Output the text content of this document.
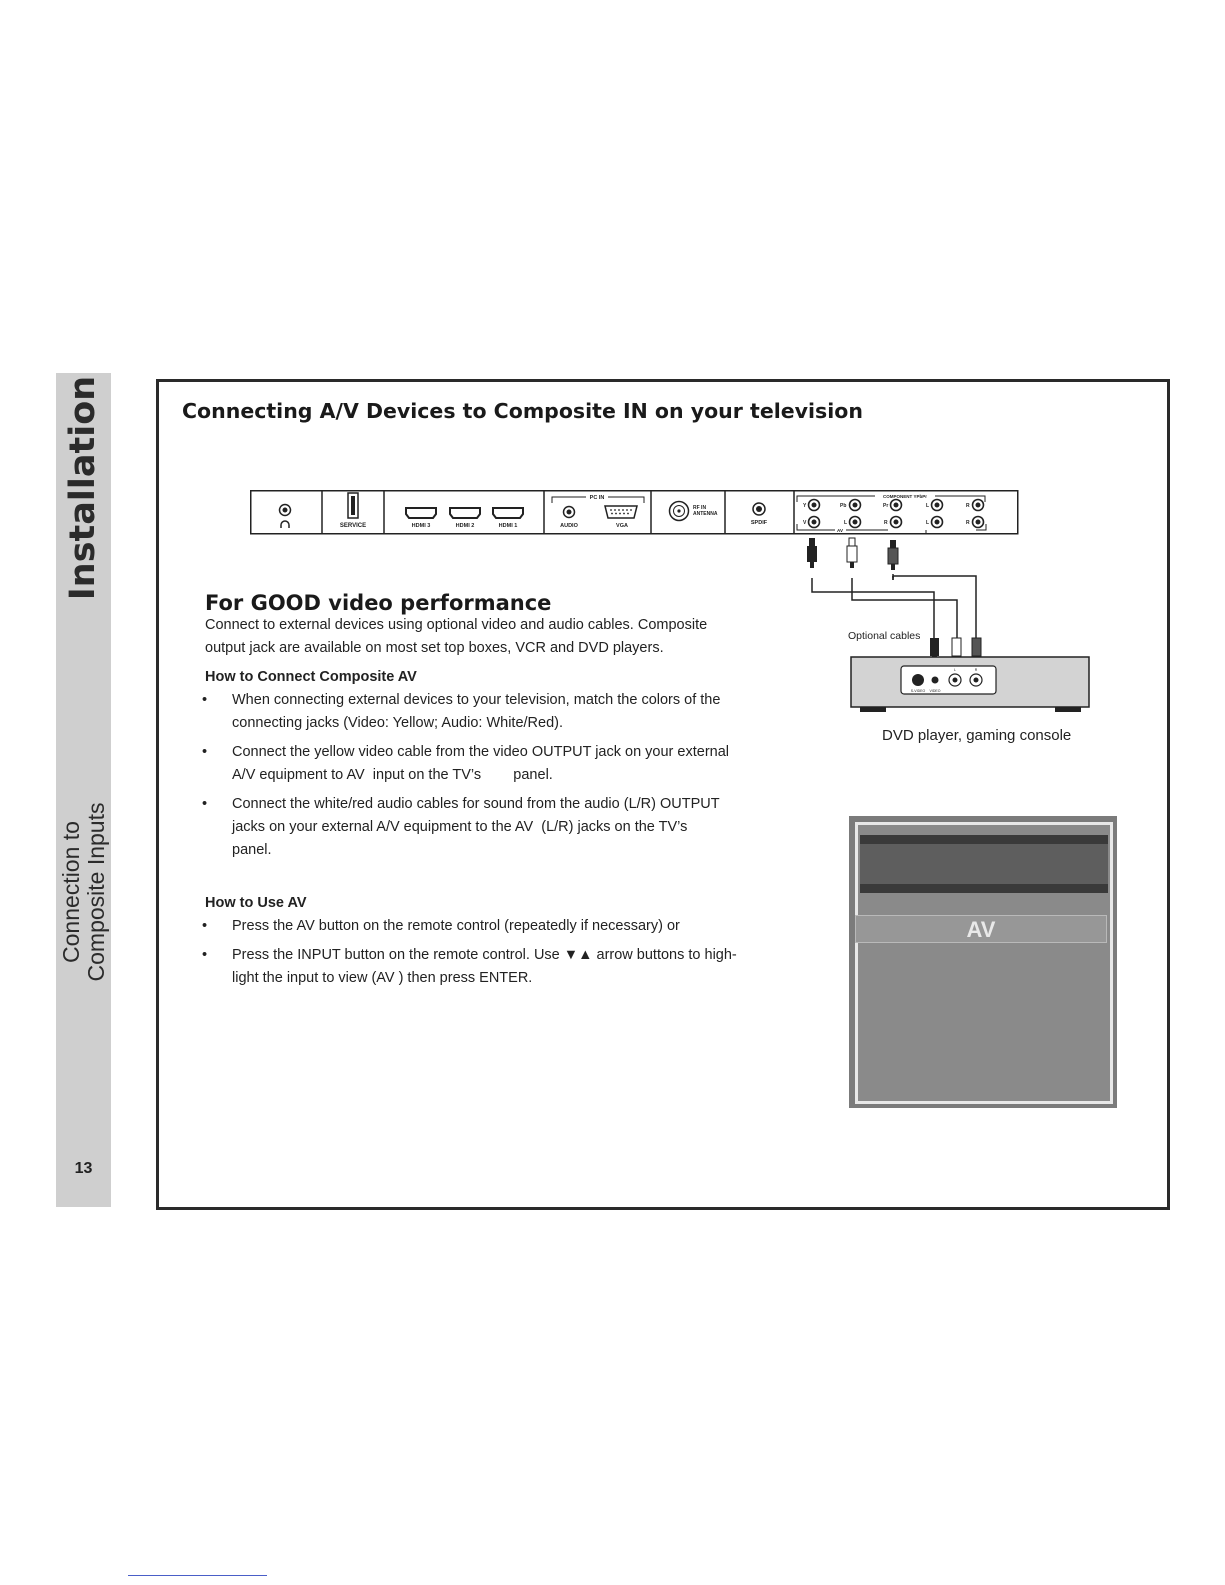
Installation
Connection to Composite Inputs
13
Connecting A/V Devices to Composite IN on your television
SERVICE	HDMI 3	HDMI 2	HDMI 1
PC IN
AUDIO	VGA
RF IN
ANTENNA
SPDIF
COMPONENT YPbPr
AV
Y	Pb	Pr	L	R
V	L	R	L	R
S-VIDEO VIDEO
L	R
Optional cables
DVD player, gaming console
For GOOD video performance
Connect to external devices using optional video and audio cables. Composite
output jack are available on most set top boxes, VCR and DVD players.
How to Connect Composite AV
• When connecting external devices to your television, match the colors of the
connecting jacks (Video: Yellow; Audio: White/Red).
• Connect the yellow video cable from the video OUTPUT jack on your external
A/V equipment to AV  input on the TV’s        panel.
• Connect the white/red audio cables for sound from the audio (L/R) OUTPUT
jacks on your external A/V equipment to the AV  (L/R) jacks on the TV’s
panel.
How to Use AV
• Press the AV button on the remote control (repeatedly if necessary) or
• Press the INPUT button on the remote control. Use ▼▲ arrow buttons to high-
light the input to view (AV ) then press ENTER.
AV
